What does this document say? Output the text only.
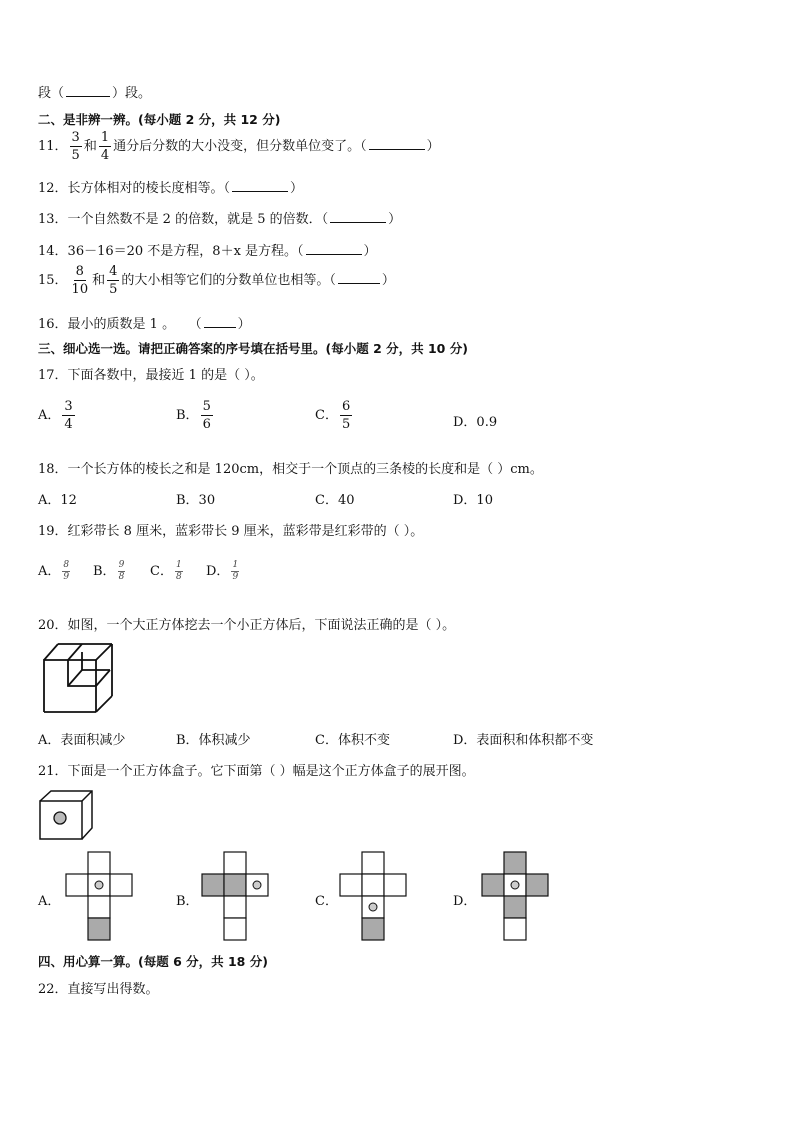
段（	）段。
二、是非辨一辨。(每小题 2 分，共 12 分)
11． $\frac{3}{5}$ 和 $\frac{1}{4}$ 通分后分数的大小没变，但分数单位变了。（	）
12．长方体相对的棱长度相等。（	）
13．一个自然数不是 2 的倍数，就是 5 的倍数．（	）
14．36－16＝20 不是方程，8＋x 是方程。（	）
15． $\frac{8}{10}$ 和 $\frac{4}{5}$ 的大小相等它们的分数单位也相等。（	）
16．最小的质数是 1 。 （	）
三、细心选一选。请把正确答案的序号填在括号里。(每小题 2 分，共 10 分)
17．下面各数中，最接近 1 的是（ ）。
A． $\frac{3}{4}$	B． $\frac{5}{6}$	C． $\frac{6}{5}$	D．0.9
18．一个长方体的棱长之和是 120cm，相交于一个顶点的三条棱的长度和是（ ）cm。
A．12	B．30	C．40	D．10
19．红彩带长 8 厘米，蓝彩带长 9 厘米，蓝彩带是红彩带的（ ）。
A． $\frac{8}{9}$ B． $\frac{9}{8}$ C． $\frac{1}{8}$ D． $\frac{1}{9}$
20．如图，一个大正方体挖去一个小正方体后，下面说法正确的是（ ）。
A．表面积减少	B．体积减少	C．体积不变	D．表面积和体积都不变
21．下面是一个正方体盒子。它下面第（ ）幅是这个正方体盒子的展开图。
A．	B．	C．	D．
四、用心算一算。(每题 6 分，共 18 分)
22．直接写出得数。
